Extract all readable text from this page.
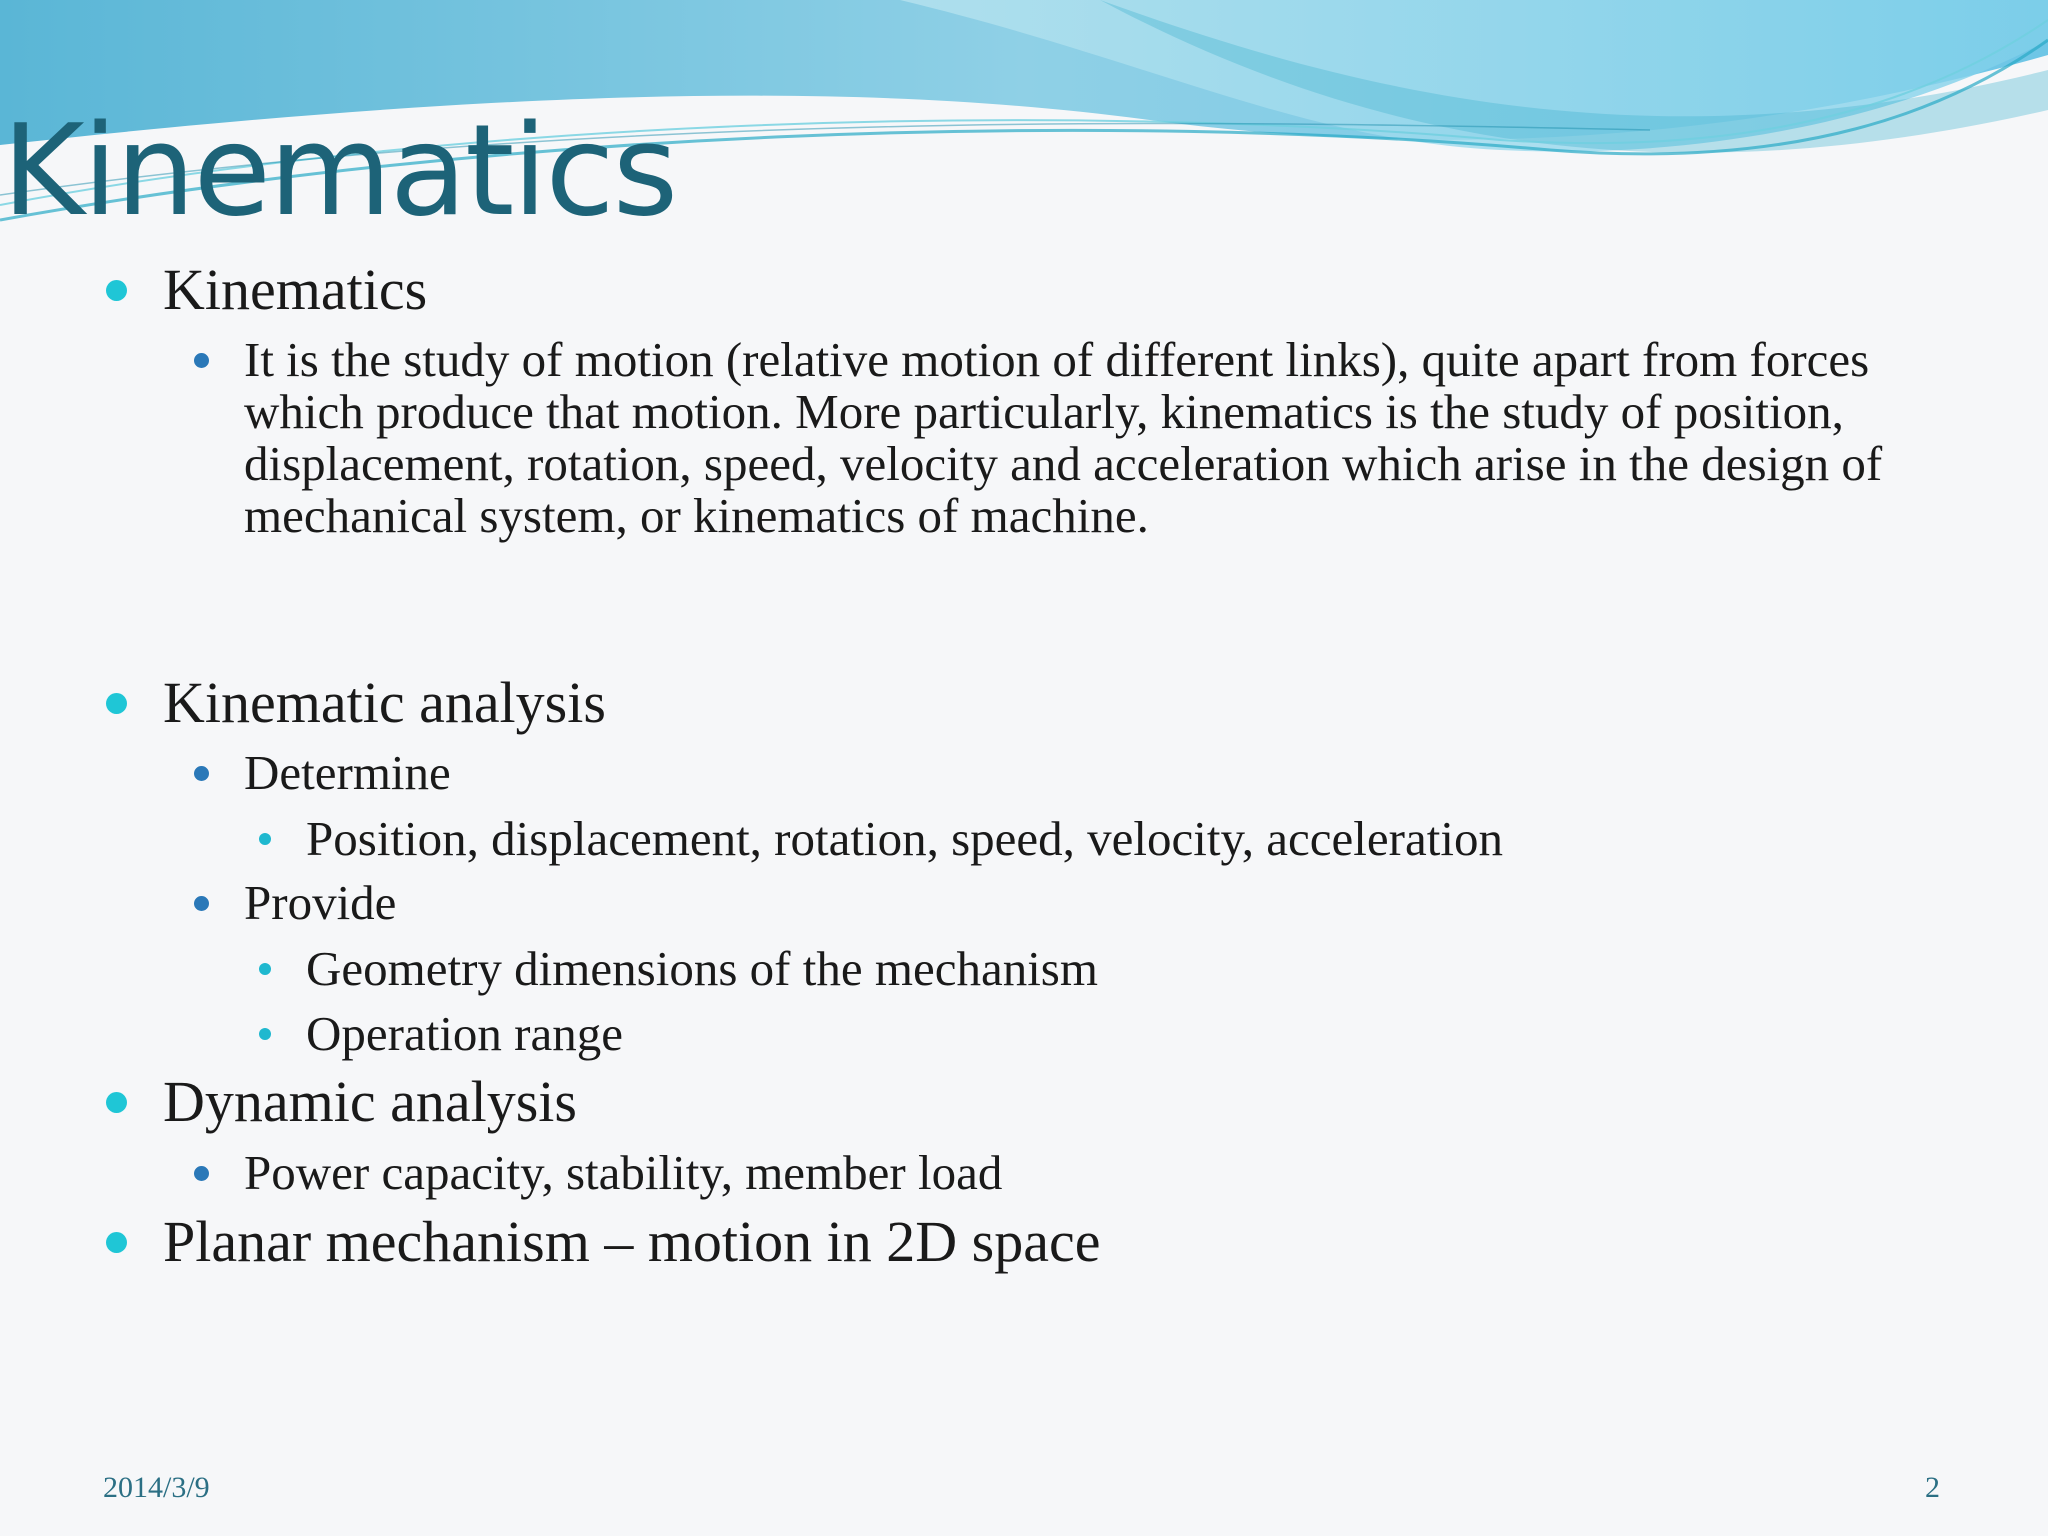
Kinematics
Kinematics
It is the study of motion (relative motion of different links), quite apart from forces which produce that motion. More particularly, kinematics is the study of position, displacement, rotation, speed, velocity and acceleration which arise in the design of mechanical system, or kinematics of machine.
Kinematic analysis
Determine
Position, displacement, rotation, speed, velocity, acceleration
Provide
Geometry dimensions of the mechanism
Operation range
Dynamic analysis
Power capacity, stability, member load
Planar mechanism – motion in 2D space
2014/3/9	2
